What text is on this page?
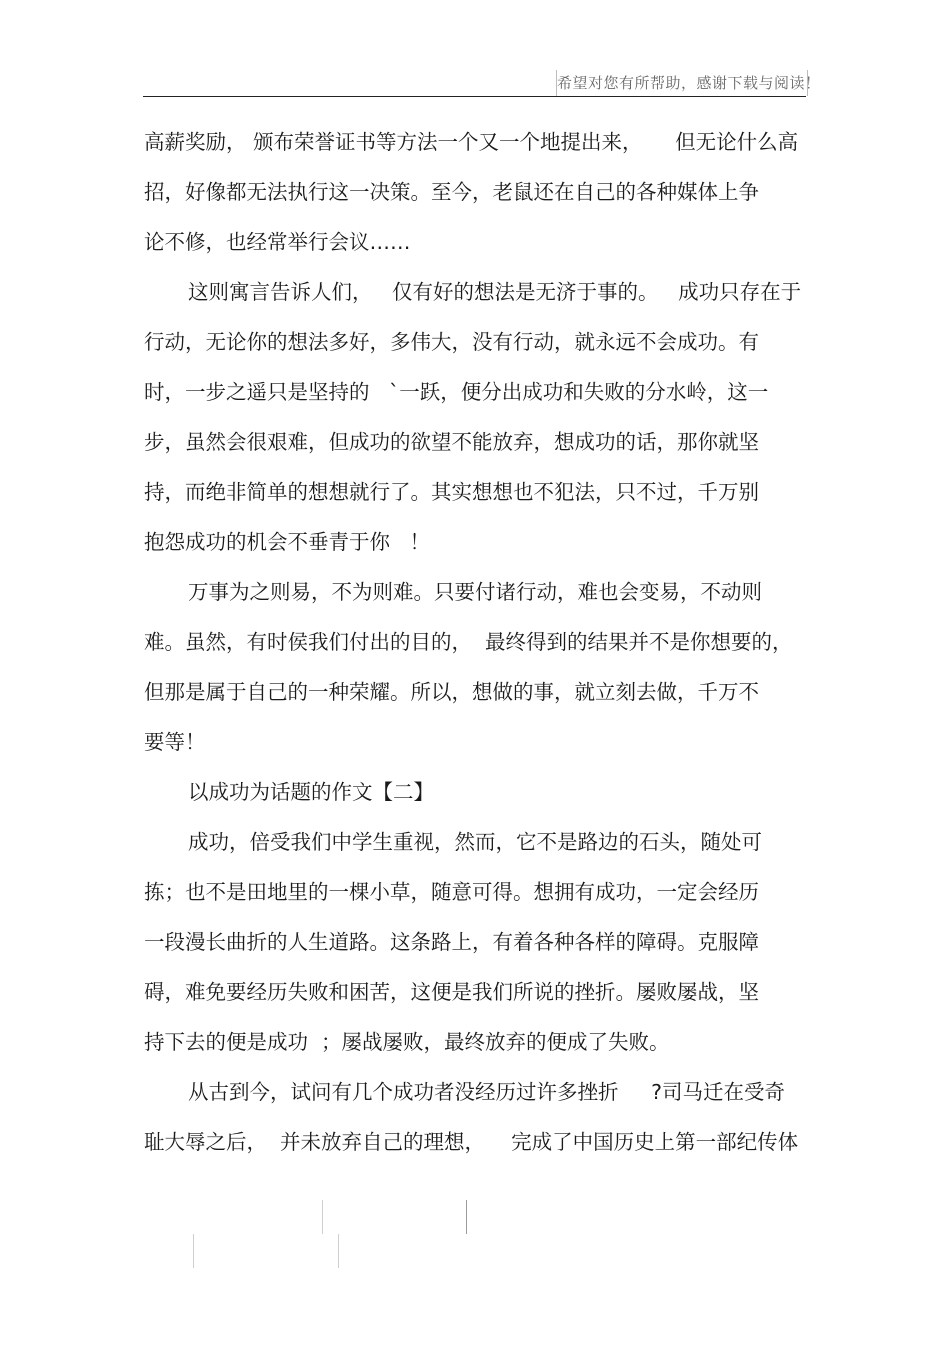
希望对您有所帮助，感谢下载与阅读！
高薪奖励， 颁布荣誉证书等方法一个又一个地提出来，     但无论什么高
招，好像都无法执行这一决策。至今，老鼠还在自己的各种媒体上争
论不修，也经常举行会议……
这则寓言告诉人们，   仅有好的想法是无济于事的。   成功只存在于
行动，无论你的想法多好，多伟大，没有行动，就永远不会成功。有
时，一步之遥只是坚持的   `一跃，便分出成功和失败的分水岭，这一
步，虽然会很艰难，但成功的欲望不能放弃，想成功的话，那你就坚
持，而绝非简单的想想就行了。其实想想也不犯法，只不过，千万别
抱怨成功的机会不垂青于你   ！
万事为之则易，不为则难。只要付诸行动，难也会变易，不动则
难。虽然，有时侯我们付出的目的，  最终得到的结果并不是你想要的，
但那是属于自己的一种荣耀。所以，想做的事，就立刻去做，千万不
要等！
以成功为话题的作文【二】
成功，倍受我们中学生重视，然而，它不是路边的石头，随处可
拣；也不是田地里的一棵小草，随意可得。想拥有成功，一定会经历
一段漫长曲折的人生道路。这条路上，有着各种各样的障碍。克服障
碍，难免要经历失败和困苦，这便是我们所说的挫折。屡败屡战，坚
持下去的便是成功  ；屡战屡败，最终放弃的便成了失败。
从古到今，试问有几个成功者没经历过许多挫折     ?司马迁在受奇
耻大辱之后，  并未放弃自己的理想，    完成了中国历史上第一部纪传体
